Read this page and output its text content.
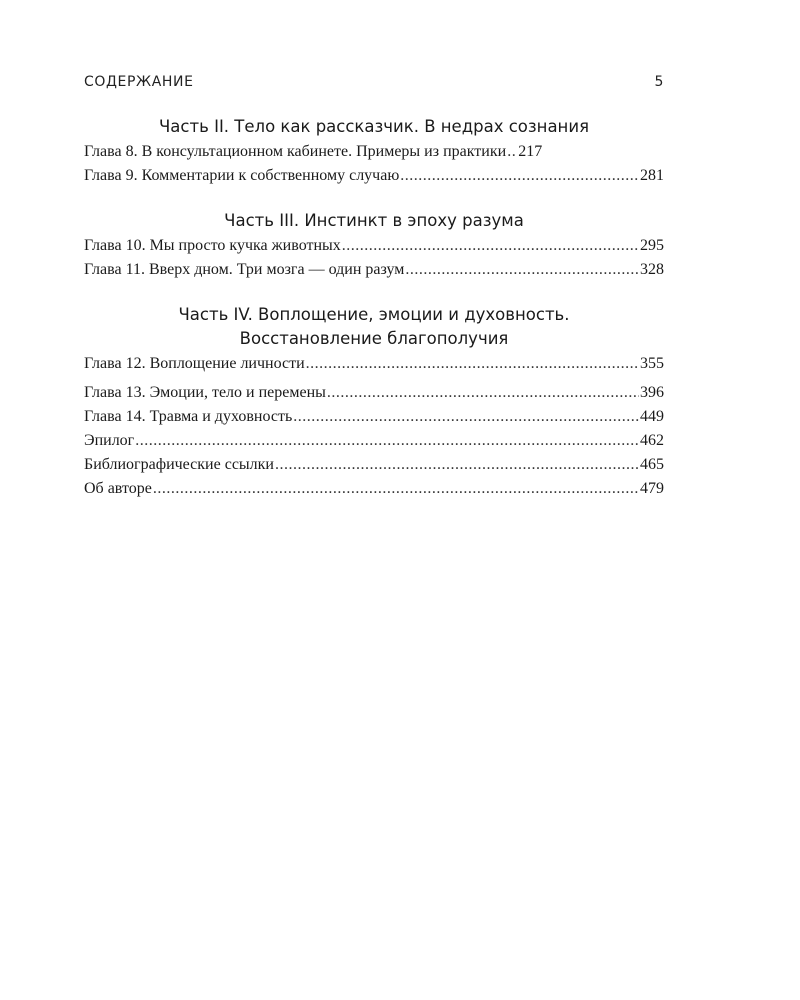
СОДЕРЖАНИЕ	5
Часть II. Тело как рассказчик. В недрах сознания
Глава 8. В консультационном кабинете. Примеры из практики ..... 217
Глава 9. Комментарии к собственному случаю .....	281
Часть III. Инстинкт в эпоху разума
Глава 10. Мы просто кучка животных .....	295
Глава 11. Вверх дном. Три мозга — один разум .....	328
Часть IV. Воплощение, эмоции и духовность.
Восстановление благополучия
Глава 12. Воплощение личности .....	355
Глава 13. Эмоции, тело и перемены .....	396
Глава 14. Травма и духовность .....	449
Эпилог .....	462
Библиографические ссылки .....	465
Об авторе .....	479
